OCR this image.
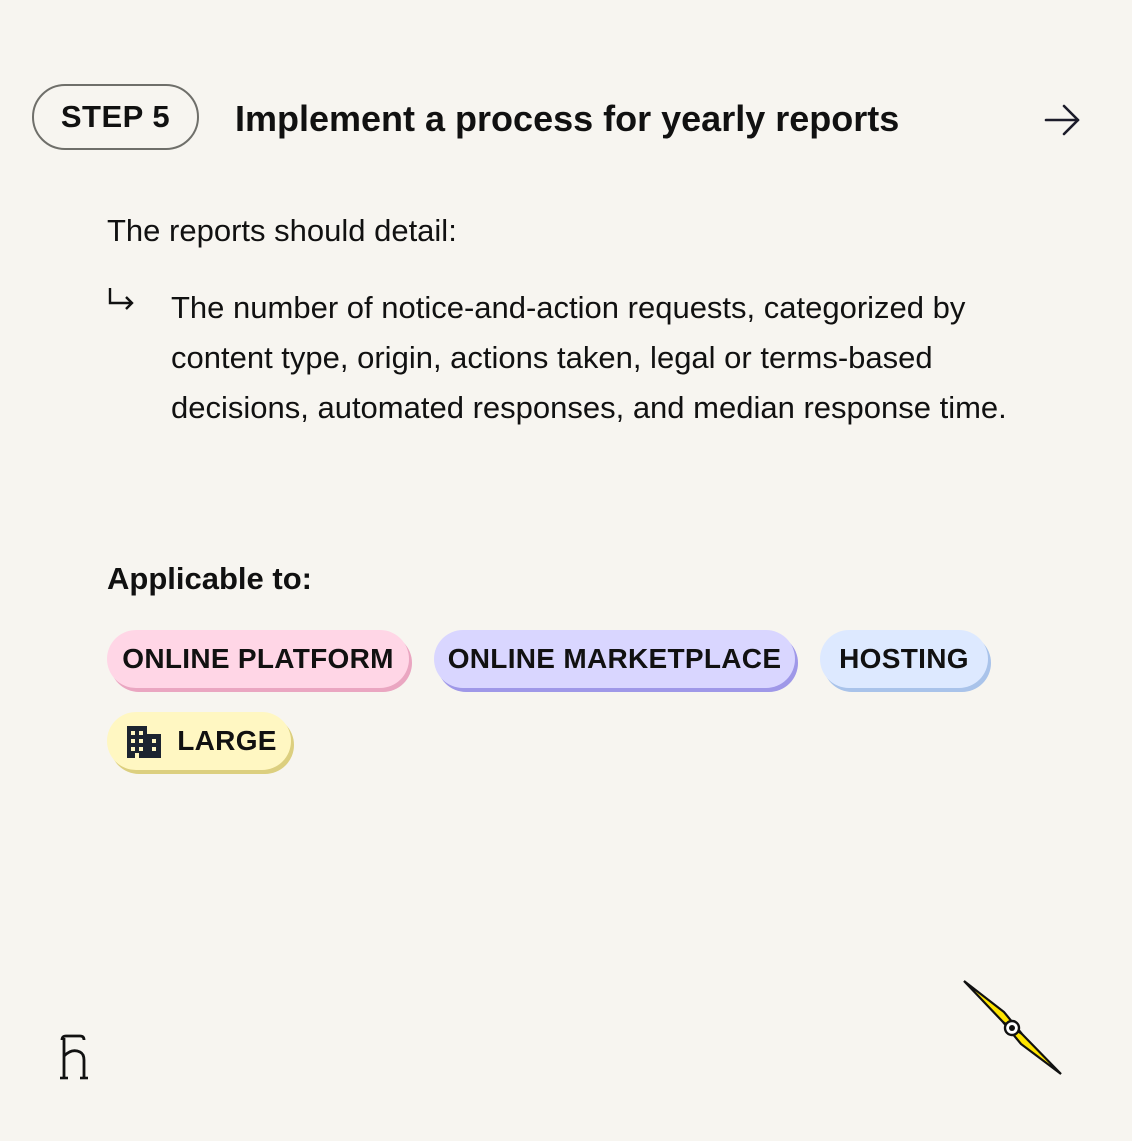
STEP 5 Implement a process for yearly reports
The reports should detail:
The number of notice-and-action requests, categorized by content type, origin, actions taken, legal or terms-based decisions, automated responses, and median response time.
Applicable to:
ONLINE PLATFORM ONLINE MARKETPLACE HOSTING
LARGE
